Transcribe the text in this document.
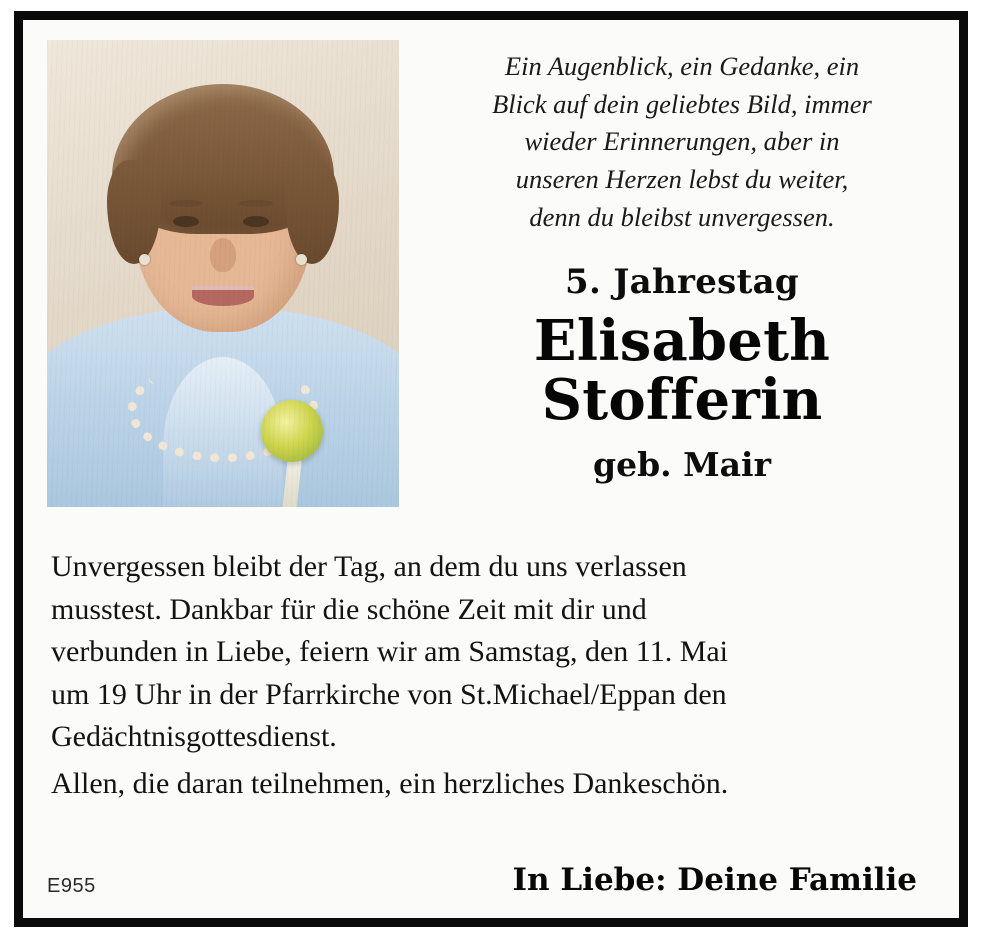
Ein Augenblick, ein Gedanke, ein
Blick auf dein geliebtes Bild, immer
wieder Erinnerungen, aber in
unseren Herzen lebst du weiter,
denn du bleibst unvergessen.
5. Jahrestag
Elisabeth
Stofferin
geb. Mair
Unvergessen bleibt der Tag, an dem du uns verlassen
musstest. Dankbar für die schöne Zeit mit dir und
verbunden in Liebe, feiern wir am Samstag, den 11. Mai
um 19 Uhr in der Pfarrkirche von St.Michael/Eppan den
Gedächtnisgottesdienst.
Allen, die daran teilnehmen, ein herzliches Dankeschön.
E955	In Liebe: Deine Familie
